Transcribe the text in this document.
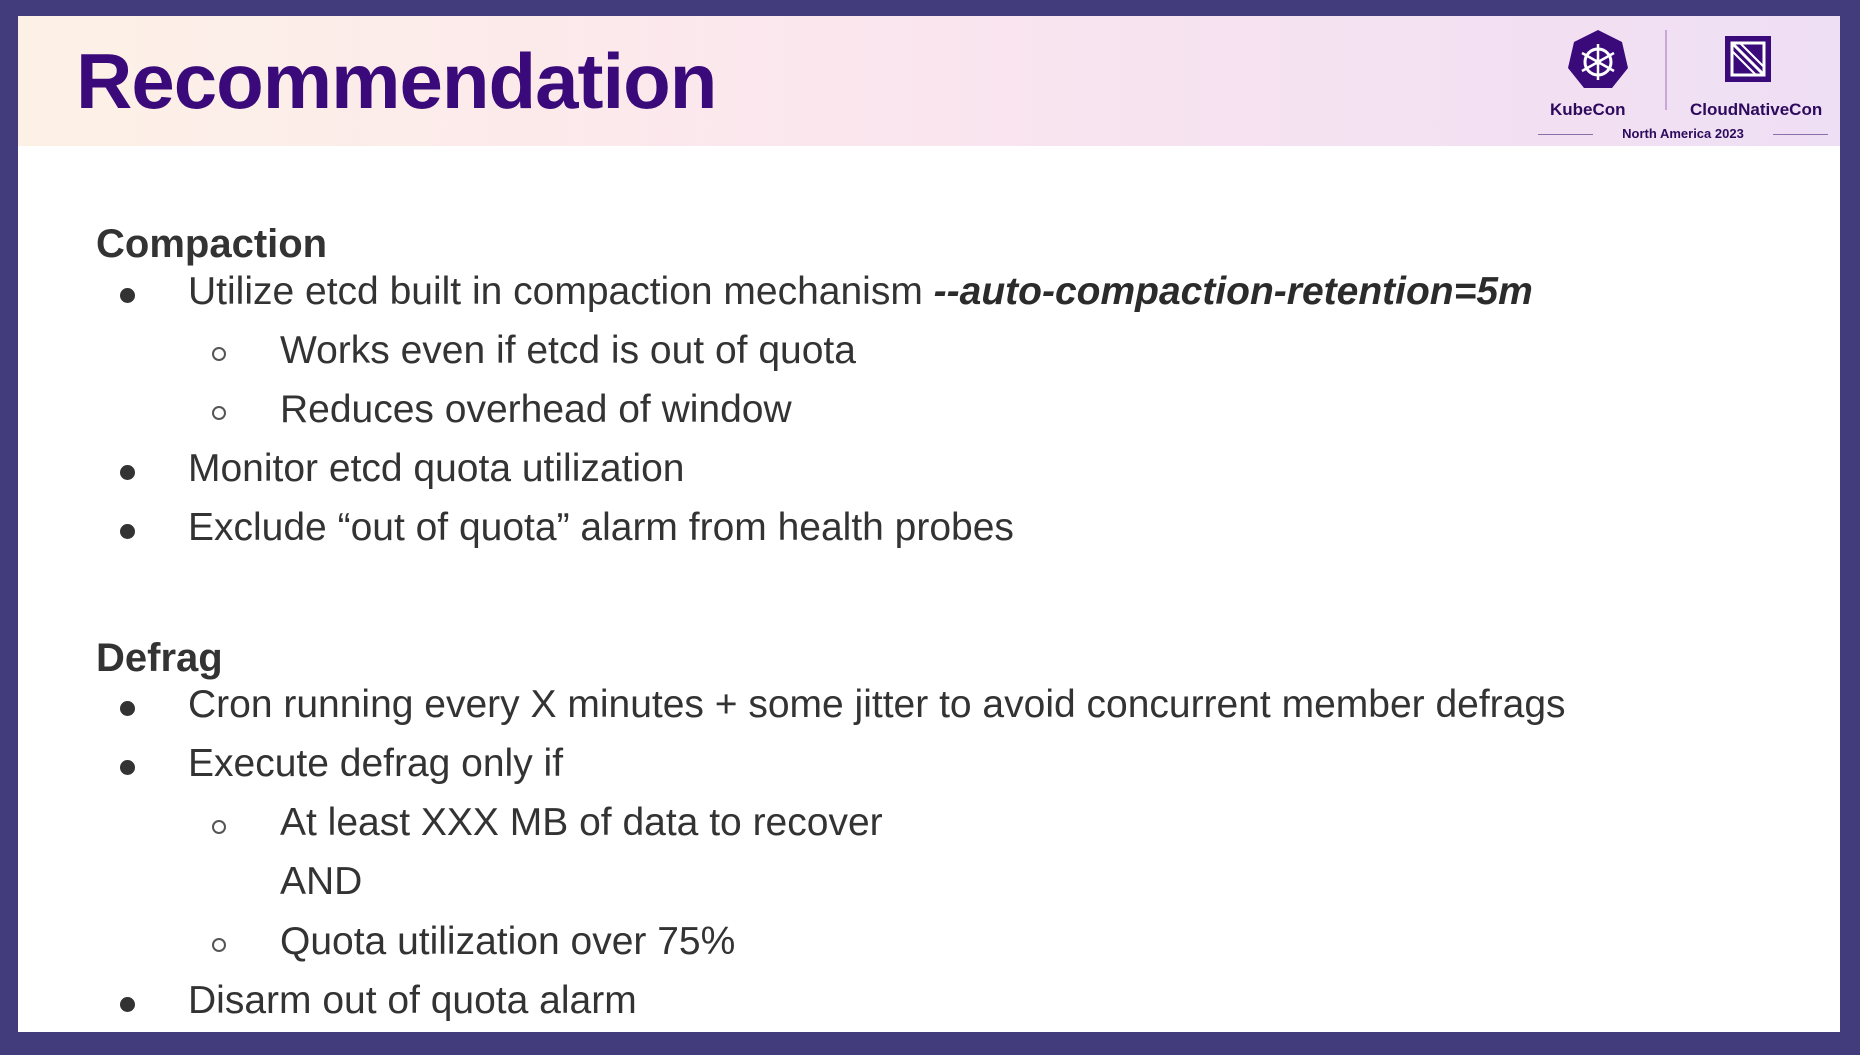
Recommendation	KubeCon	CloudNativeCon
North America 2023
Compaction
Utilize etcd built in compaction mechanism --auto-compaction-retention=5m
Works even if etcd is out of quota
Reduces overhead of window
Monitor etcd quota utilization
Exclude “out of quota” alarm from health probes
Defrag
Cron running every X minutes + some jitter to avoid concurrent member defrags
Execute defrag only if
At least XXX MB of data to recover
AND
Quota utilization over 75%
Disarm out of quota alarm
